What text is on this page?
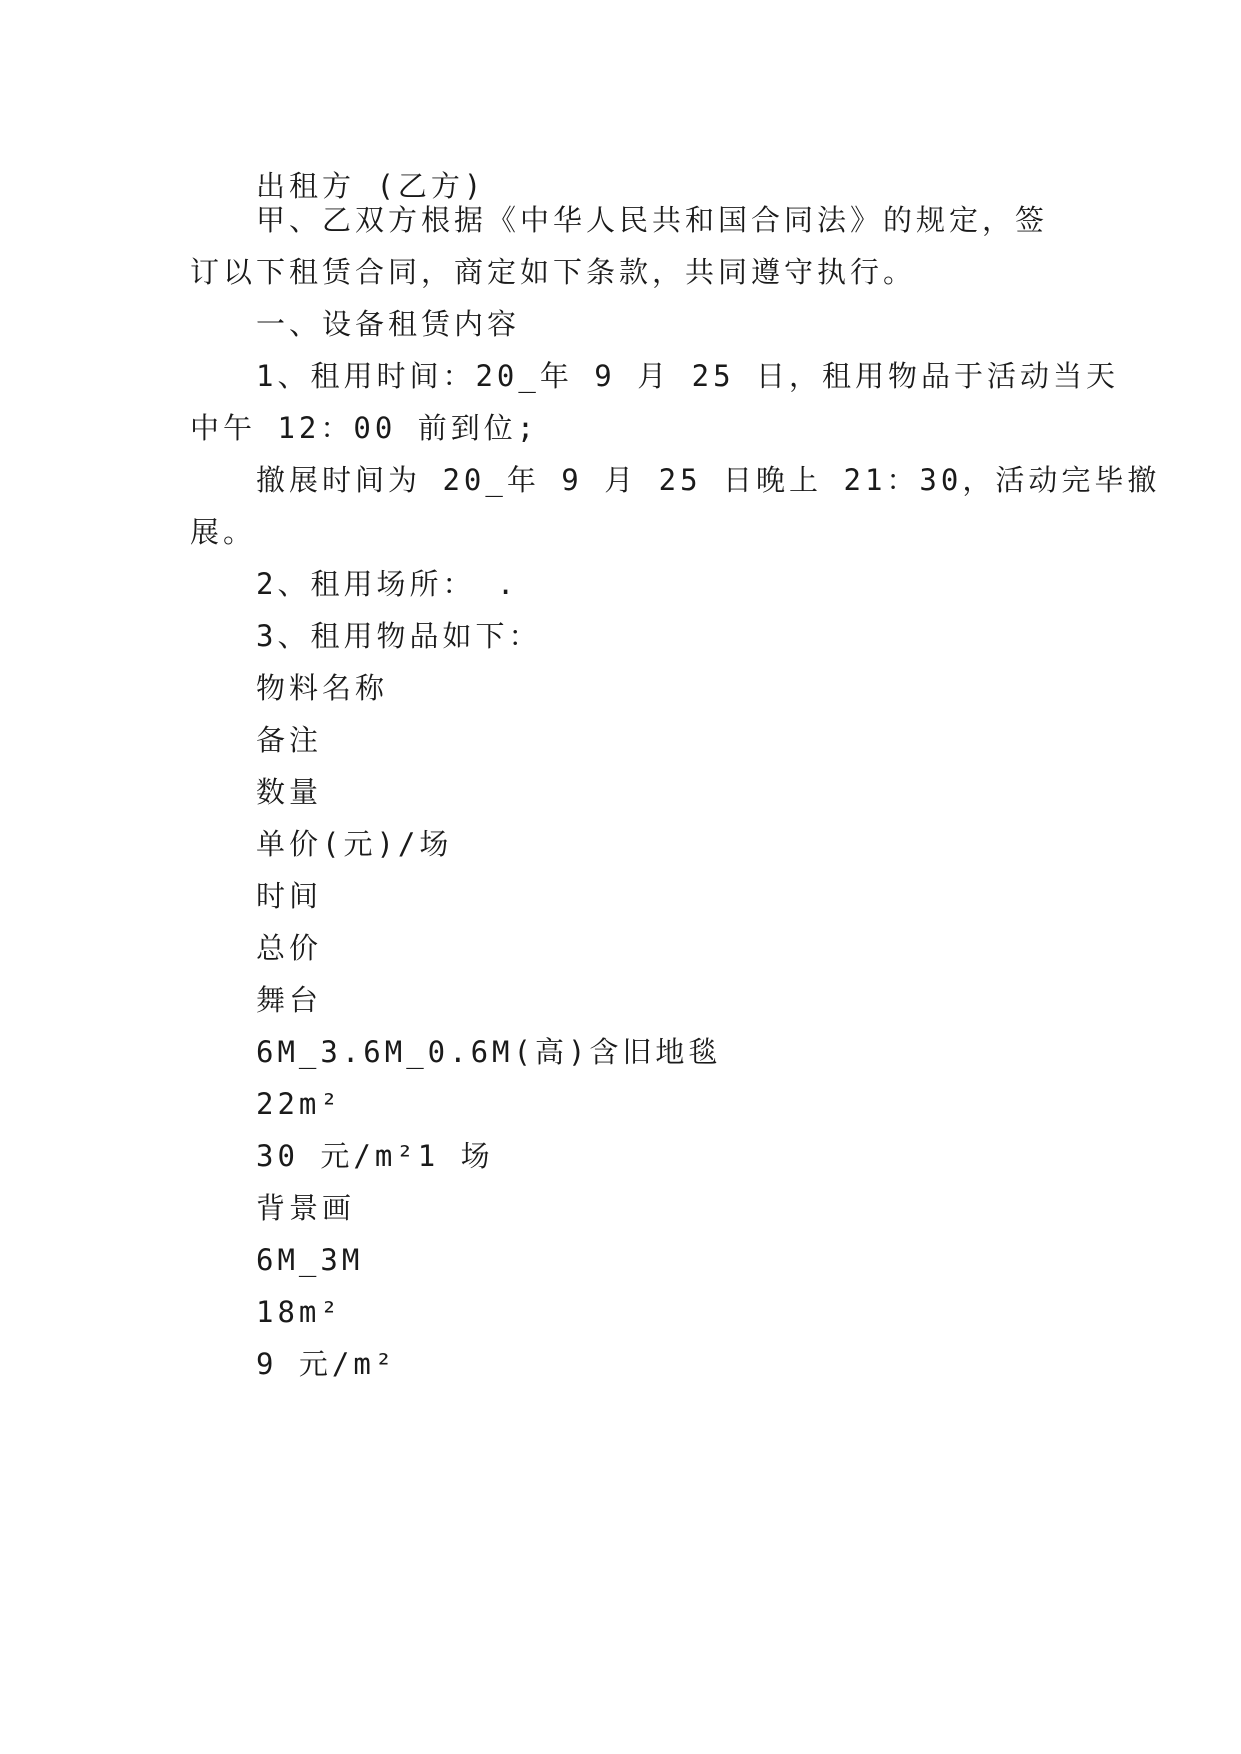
出租方 (乙方)
甲、乙双方根据《中华人民共和国合同法》的规定，签
订以下租赁合同，商定如下条款，共同遵守执行。
一、设备租赁内容
1、租用时间：20_年 9 月 25 日，租用物品于活动当天
中午 12：00 前到位;
撤展时间为 20_年 9 月 25 日晚上 21：30，活动完毕撤
展。
2、租用场所： .
3、租用物品如下：
物料名称
备注
数量
单价(元)/场
时间
总价
舞台
6M_3.6M_0.6M(高)含旧地毯
22m²
30 元/m²1 场
背景画
6M_3M
18m²
9 元/m²
